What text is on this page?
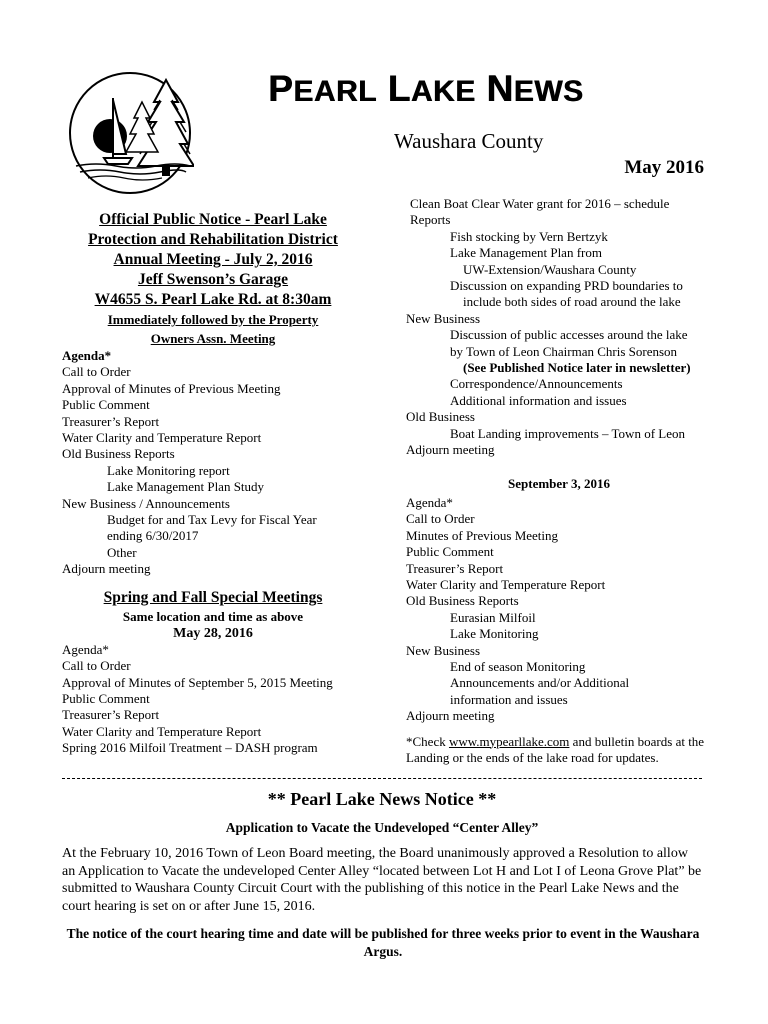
PEARL LAKE NEWS
Waushara County
May 2016
Official Public Notice - Pearl Lake
Protection and Rehabilitation District
Annual Meeting - July 2, 2016
Jeff Swenson’s Garage
W4655 S. Pearl Lake Rd. at 8:30am
Immediately followed by the Property
Owners Assn. Meeting
Agenda*
Call to Order
Approval of Minutes of Previous Meeting
Public Comment
Treasurer’s Report
Water Clarity and Temperature Report
Old Business Reports
Lake Monitoring report
Lake Management Plan Study
New Business / Announcements
Budget for and Tax Levy for Fiscal Year
ending 6/30/2017
Other
Adjourn meeting
Spring and Fall Special Meetings
Same location and time as above
May 28, 2016
Agenda*
Call to Order
Approval of Minutes of September 5, 2015 Meeting
Public Comment
Treasurer’s Report
Water Clarity and Temperature Report
Spring 2016 Milfoil Treatment – DASH program
Clean Boat Clear Water grant for 2016 – schedule
Reports
Fish stocking by Vern Bertzyk
Lake Management Plan from
UW-Extension/Waushara County
Discussion on expanding PRD boundaries to
include both sides of road around the lake
New Business
Discussion of public accesses around the lake
by Town of Leon Chairman Chris Sorenson
(See Published Notice later in newsletter)
Correspondence/Announcements
Additional information and issues
Old Business
Boat Landing improvements – Town of Leon
Adjourn meeting
September 3, 2016
Agenda*
Call to Order
Minutes of Previous Meeting
Public Comment
Treasurer’s Report
Water Clarity and Temperature Report
Old Business Reports
Eurasian Milfoil
Lake Monitoring
New Business
End of season Monitoring
Announcements and/or Additional
information and issues
Adjourn meeting
*Check www.mypearllake.com and bulletin boards at the Landing or the ends of the lake road for updates.
** Pearl Lake News Notice **
Application to Vacate the Undeveloped “Center Alley”
At the February 10, 2016 Town of Leon Board meeting, the Board unanimously approved a Resolution to allow an Application to Vacate the undeveloped Center Alley “located between Lot H and Lot I of Leona Grove Plat” be submitted to Waushara County Circuit Court with the publishing of this notice in the Pearl Lake News and the court hearing is set on or after June 15, 2016.
The notice of the court hearing time and date will be published for three weeks prior to event in the Waushara Argus.
